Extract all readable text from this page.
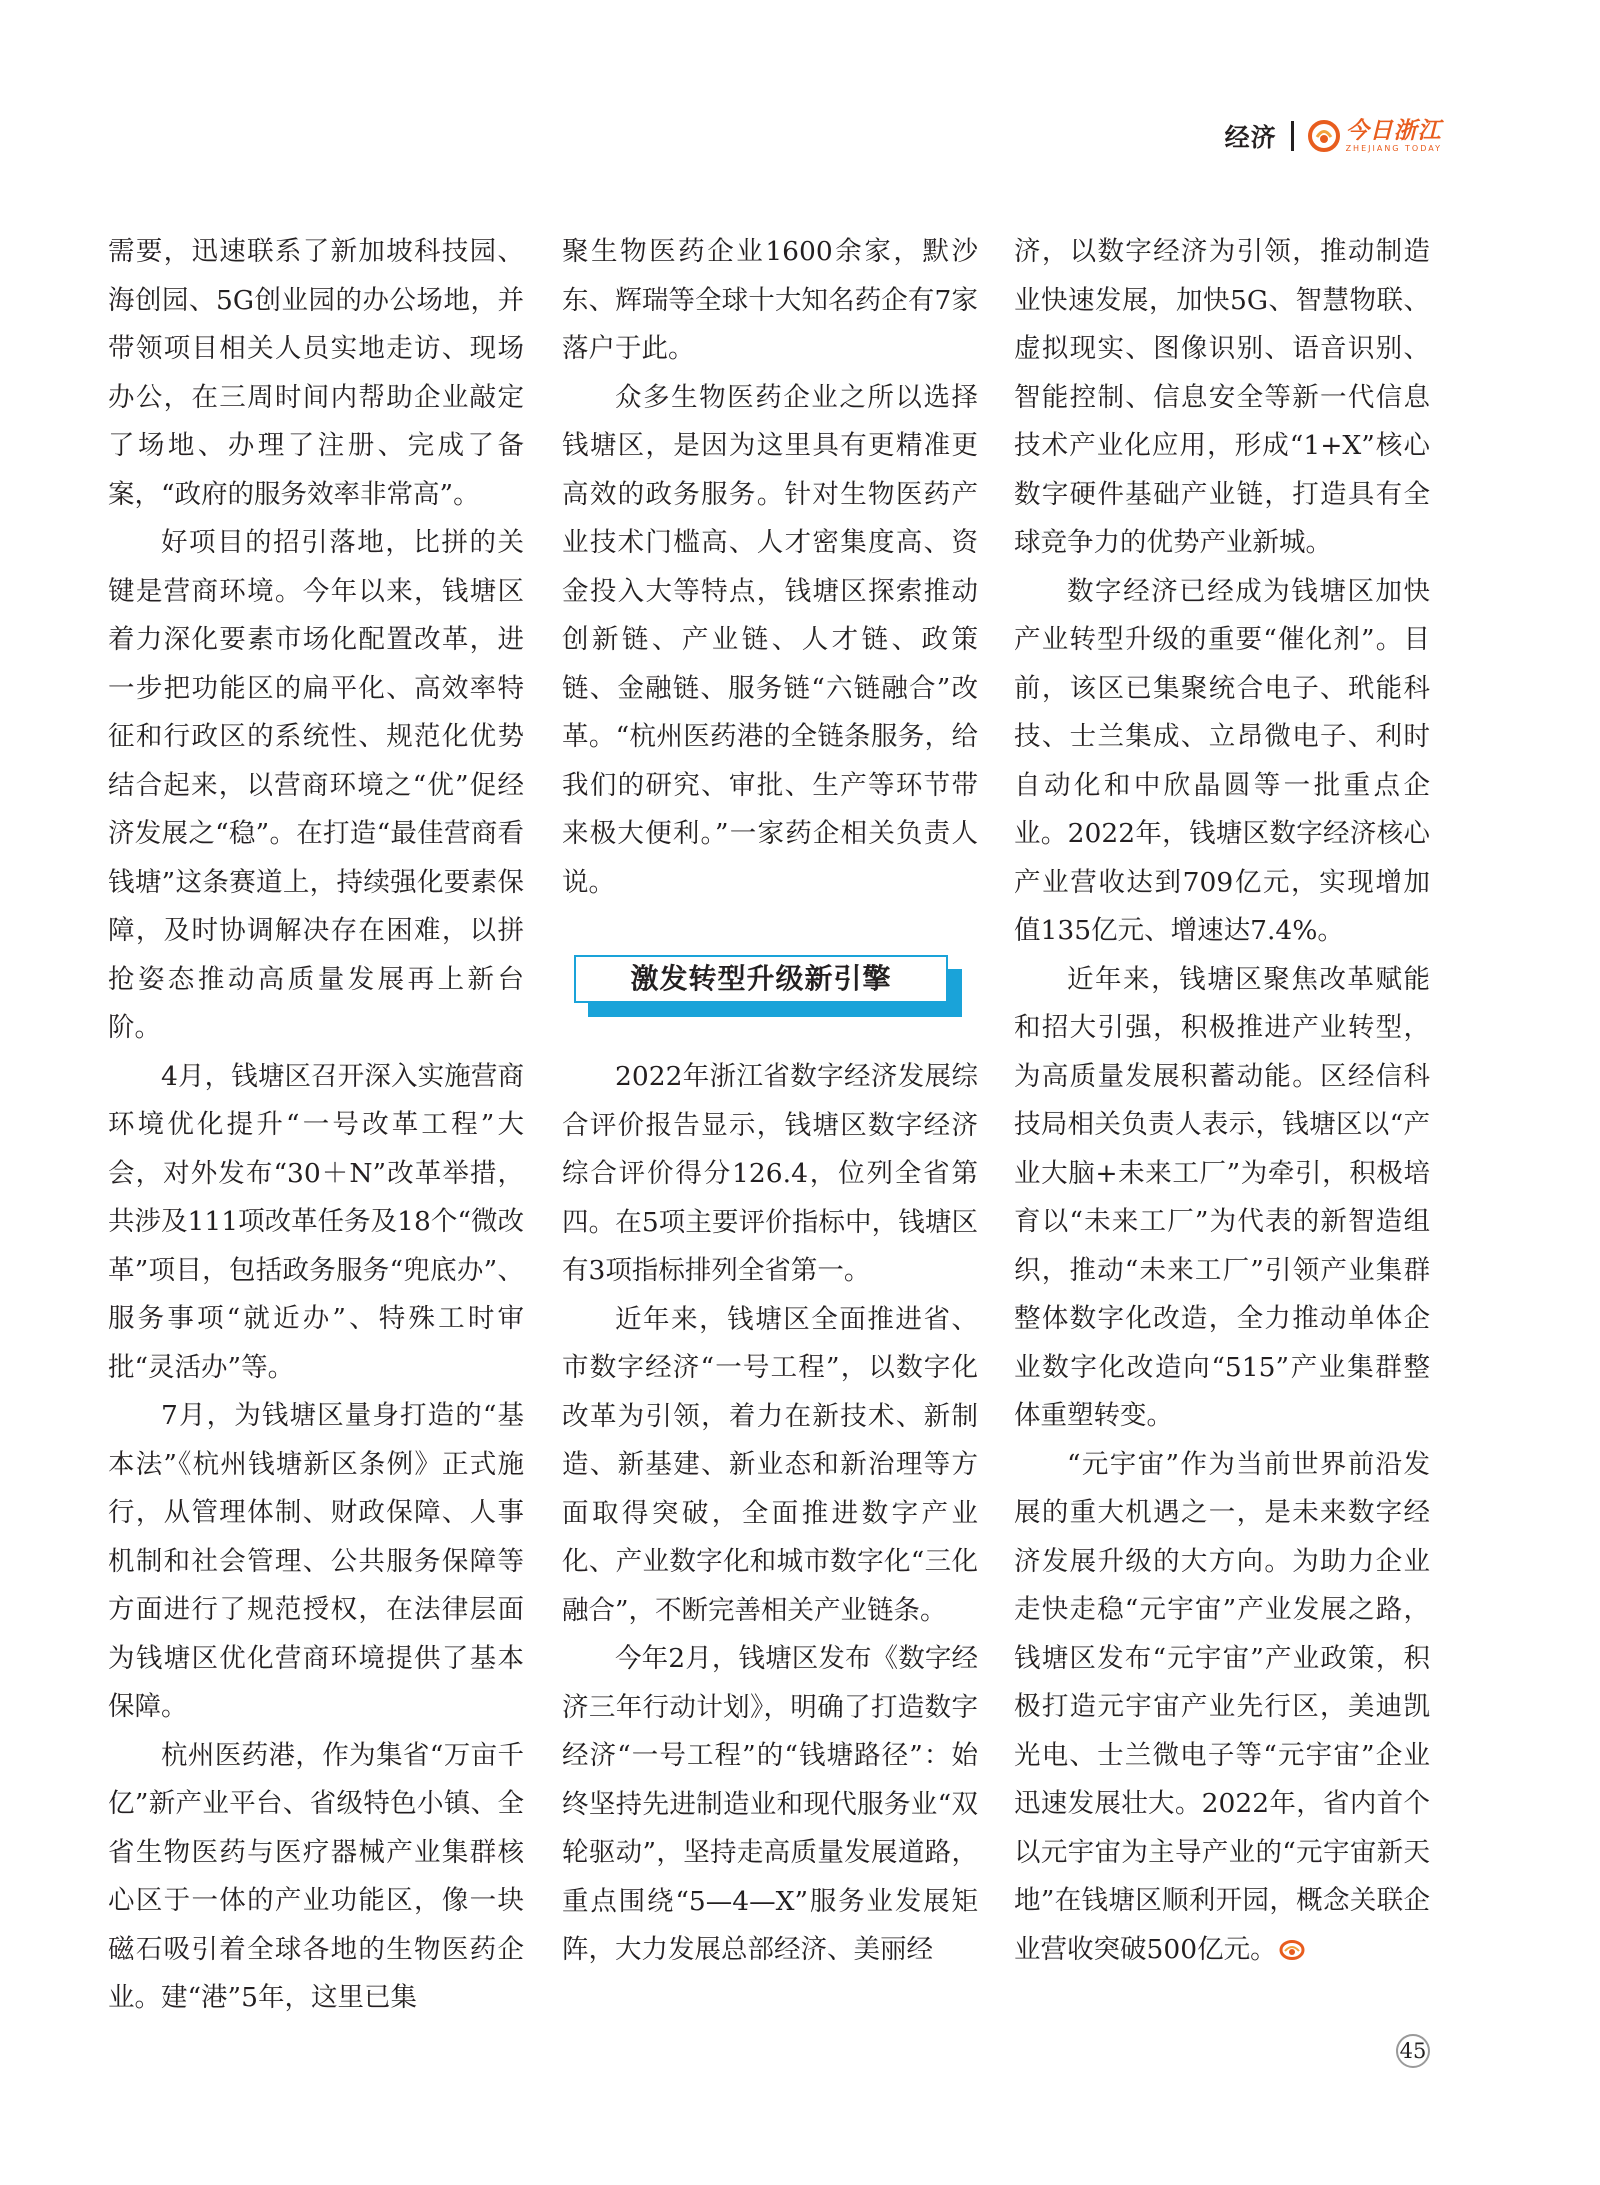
经济	今日浙江
ZHEJIANG TODAY

需要，迅速联系了新加坡科技园、海创园、5G创业园的办公场地，并带领项目相关人员实地走访、现场办公，在三周时间内帮助企业敲定了场地、办理了注册、完成了备案，“政府的服务效率非常高”。

好项目的招引落地，比拼的关键是营商环境。今年以来，钱塘区着力深化要素市场化配置改革，进一步把功能区的扁平化、高效率特征和行政区的系统性、规范化优势结合起来，以营商环境之“优”促经济发展之“稳”。在打造“最佳营商看钱塘”这条赛道上，持续强化要素保障，及时协调解决存在困难，以拼抢姿态推动高质量发展再上新台阶。

4月，钱塘区召开深入实施营商环境优化提升“一号改革工程”大会，对外发布“30＋N”改革举措，共涉及111项改革任务及18个“微改革”项目，包括政务服务“兜底办”、服务事项“就近办”、特殊工时审批“灵活办”等。

7月，为钱塘区量身打造的“基本法”《杭州钱塘新区条例》正式施行，从管理体制、财政保障、人事机制和社会管理、公共服务保障等方面进行了规范授权，在法律层面为钱塘区优化营商环境提供了基本保障。

杭州医药港，作为集省“万亩千亿”新产业平台、省级特色小镇、全省生物医药与医疗器械产业集群核心区于一体的产业功能区，像一块磁石吸引着全球各地的生物医药企业。建“港”5年，这里已集

聚生物医药企业1600余家，默沙东、辉瑞等全球十大知名药企有7家落户于此。

众多生物医药企业之所以选择钱塘区，是因为这里具有更精准更高效的政务服务。针对生物医药产业技术门槛高、人才密集度高、资金投入大等特点，钱塘区探索推动创新链、产业链、人才链、政策链、金融链、服务链“六链融合”改革。“杭州医药港的全链条服务，给我们的研究、审批、生产等环节带来极大便利。”一家药企相关负责人说。

激发转型升级新引擎

2022年浙江省数字经济发展综合评价报告显示，钱塘区数字经济综合评价得分126.4，位列全省第四。在5项主要评价指标中，钱塘区有3项指标排列全省第一。

近年来，钱塘区全面推进省、市数字经济“一号工程”，以数字化改革为引领，着力在新技术、新制造、新基建、新业态和新治理等方面取得突破，全面推进数字产业化、产业数字化和城市数字化“三化融合”，不断完善相关产业链条。

今年2月，钱塘区发布《数字经济三年行动计划》，明确了打造数字经济“一号工程”的“钱塘路径”：始终坚持先进制造业和现代服务业“双轮驱动”，坚持走高质量发展道路，重点围绕“5—4—X”服务业发展矩阵，大力发展总部经济、美丽经

济，以数字经济为引领，推动制造业快速发展，加快5G、智慧物联、虚拟现实、图像识别、语音识别、智能控制、信息安全等新一代信息技术产业化应用，形成“1+X”核心数字硬件基础产业链，打造具有全球竞争力的优势产业新城。

数字经济已经成为钱塘区加快产业转型升级的重要“催化剂”。目前，该区已集聚统合电子、玳能科技、士兰集成、立昂微电子、利时自动化和中欣晶圆等一批重点企业。2022年，钱塘区数字经济核心产业营收达到709亿元，实现增加值135亿元、增速达7.4%。

近年来，钱塘区聚焦改革赋能和招大引强，积极推进产业转型，为高质量发展积蓄动能。区经信科技局相关负责人表示，钱塘区以“产业大脑+未来工厂”为牵引，积极培育以“未来工厂”为代表的新智造组织，推动“未来工厂”引领产业集群整体数字化改造，全力推动单体企业数字化改造向“515”产业集群整体重塑转变。

“元宇宙”作为当前世界前沿发展的重大机遇之一，是未来数字经济发展升级的大方向。为助力企业走快走稳“元宇宙”产业发展之路，钱塘区发布“元宇宙”产业政策，积极打造元宇宙产业先行区，美迪凯光电、士兰微电子等“元宇宙”企业迅速发展壮大。2022年，省内首个以元宇宙为主导产业的“元宇宙新天地”在钱塘区顺利开园，概念关联企业营收突破500亿元。

45
